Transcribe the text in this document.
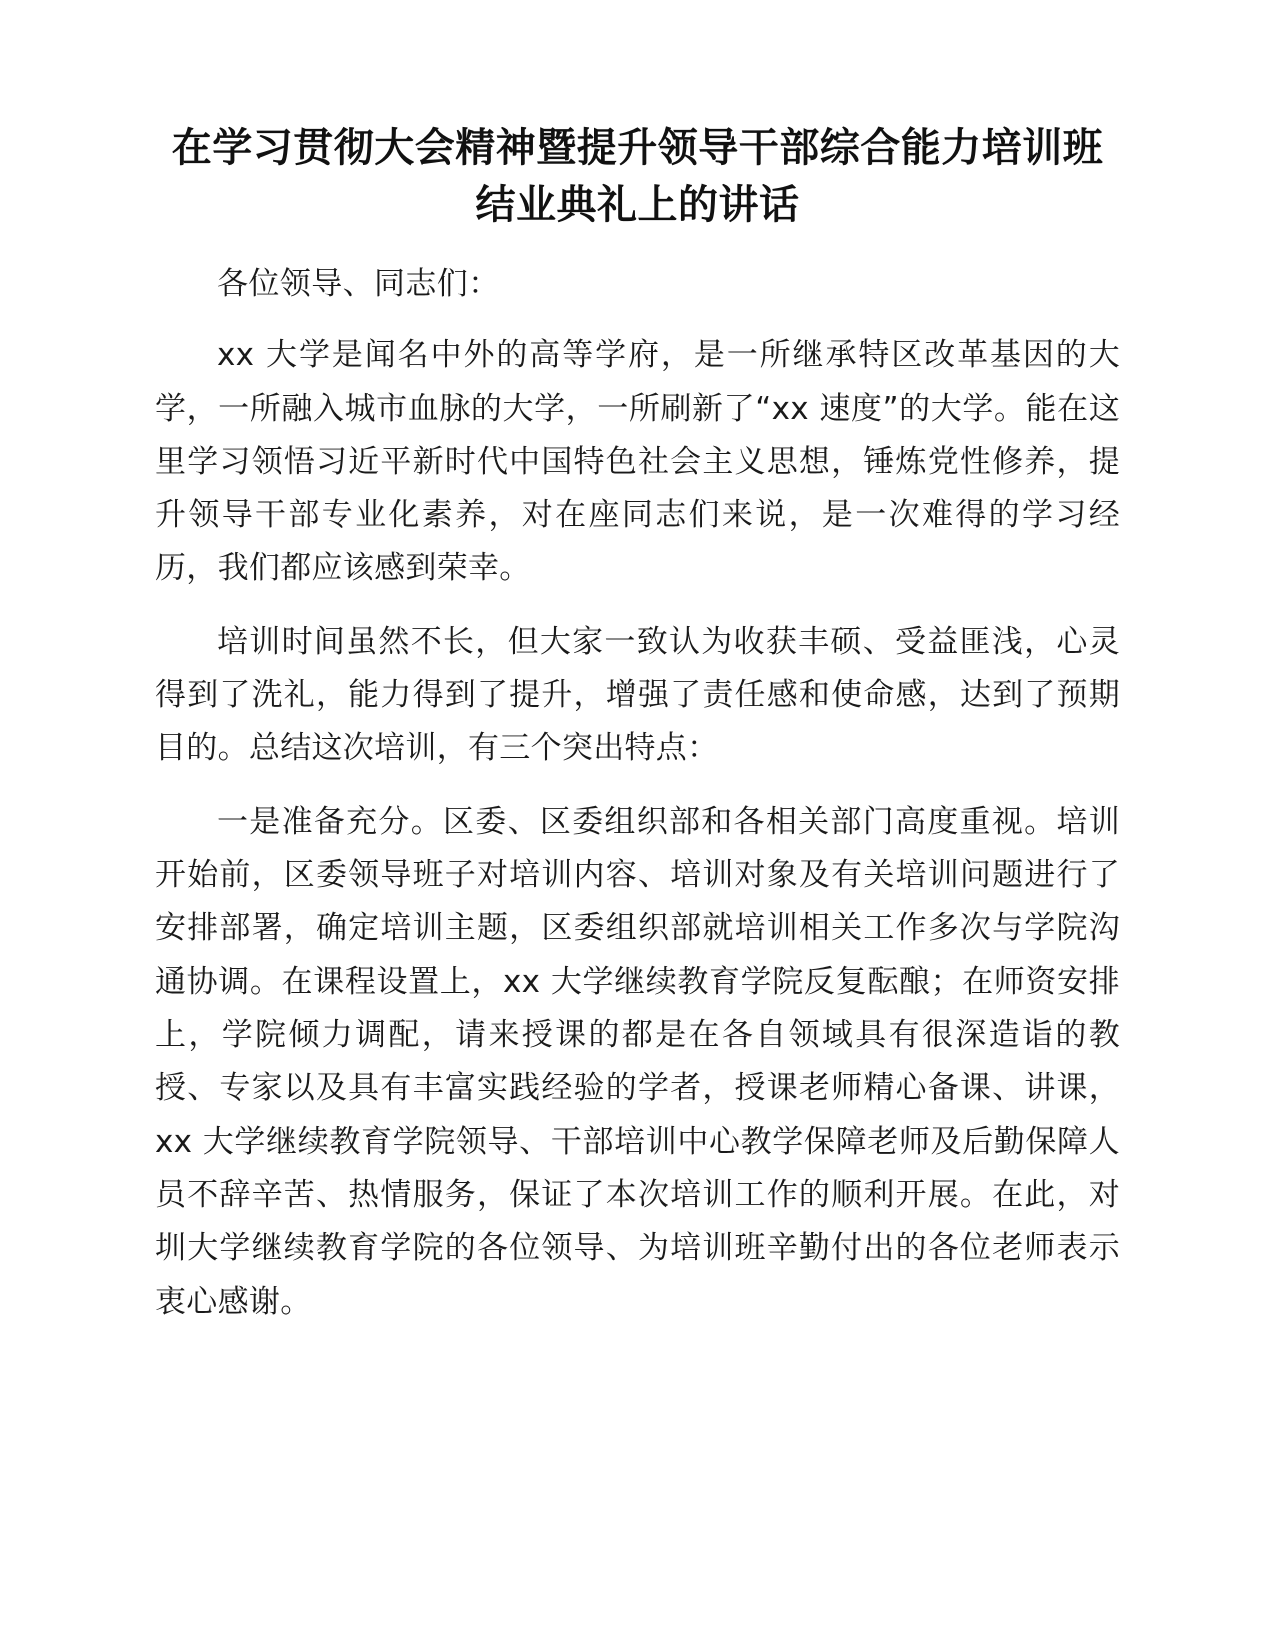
在学习贯彻大会精神暨提升领导干部综合能力培训班结业典礼上的讲话

各位领导、同志们：

xx 大学是闻名中外的高等学府，是一所继承特区改革基因的大学，一所融入城市血脉的大学，一所刷新了“xx 速度”的大学。能在这里学习领悟习近平新时代中国特色社会主义思想，锤炼党性修养，提升领导干部专业化素养，对在座同志们来说，是一次难得的学习经历，我们都应该感到荣幸。

培训时间虽然不长，但大家一致认为收获丰硕、受益匪浅，心灵得到了洗礼，能力得到了提升，增强了责任感和使命感，达到了预期目的。总结这次培训，有三个突出特点：

一是准备充分。区委、区委组织部和各相关部门高度重视。培训开始前，区委领导班子对培训内容、培训对象及有关培训问题进行了安排部署，确定培训主题，区委组织部就培训相关工作多次与学院沟通协调。在课程设置上，xx 大学继续教育学院反复酝酿；在师资安排上，学院倾力调配，请来授课的都是在各自领域具有很深造诣的教授、专家以及具有丰富实践经验的学者，授课老师精心备课、讲课，xx 大学继续教育学院领导、干部培训中心教学保障老师及后勤保障人员不辞辛苦、热情服务，保证了本次培训工作的顺利开展。在此，对圳大学继续教育学院的各位领导、为培训班辛勤付出的各位老师表示衷心感谢。
